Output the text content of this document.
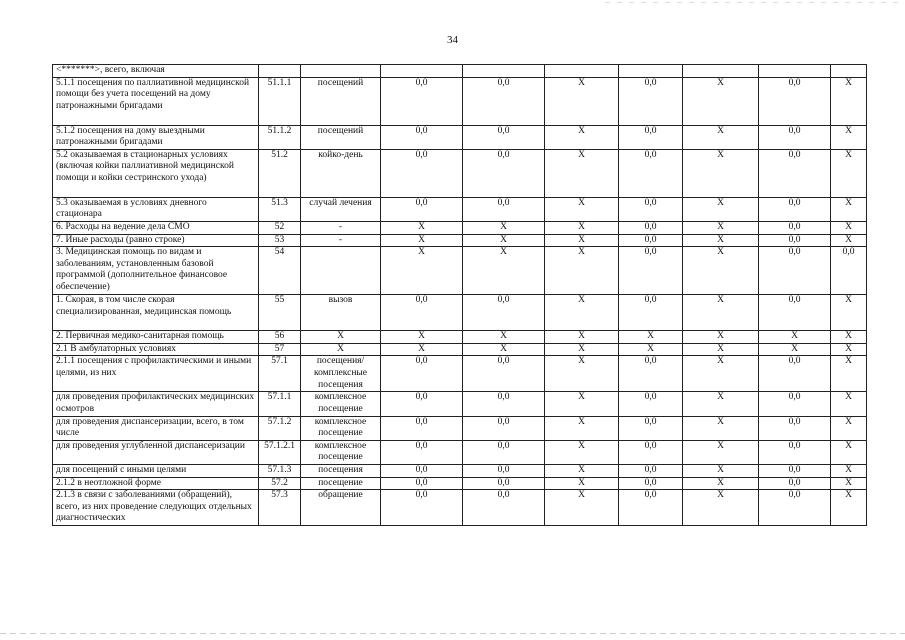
34
<*******>, всего, включая									
5.1.1 посещения по паллиативной медицинской помощи без учета посещений на дому патронажными бригадами	51.1.1	посещений	0,0	0,0	Х	0,0	Х	0,0	Х
5.1.2 посещения на дому выездными патронажными бригадами	51.1.2	посещений	0,0	0,0	Х	0,0	Х	0,0	Х
5.2 оказываемая в стационарных условиях (включая койки паллиативной медицинской помощи и койки сестринского ухода)	51.2	койко-день	0,0	0,0	Х	0,0	Х	0,0	Х
5.3 оказываемая в условиях дневного стационара	51.3	случай лечения	0,0	0,0	Х	0,0	Х	0,0	Х
6. Расходы на ведение дела СМО	52	-	Х	Х	Х	0,0	Х	0,0	Х
7. Иные расходы (равно строке)	53	-	Х	Х	Х	0,0	Х	0,0	Х
3. Медицинская помощь по видам и заболеваниям, установленным базовой программой (дополнительное финансовое обеспечение)	54		Х	Х	Х	0,0	Х	0,0	0,0
1. Скорая, в том числе скорая специализированная, медицинская помощь	55	вызов	0,0	0,0	Х	0,0	Х	0,0	Х
2. Первичная медико-санитарная помощь	56	Х	Х	Х	Х	Х	Х	Х	Х
2.1 В амбулаторных условиях	57	Х	Х	Х	Х	Х	Х	Х	Х
2.1.1 посещения с профилактическими и иными целями, из них	57.1	посещения/комплексные посещения	0,0	0,0	Х	0,0	Х	0,0	Х
для проведения профилактических медицинских осмотров	57.1.1	комплексное посещение	0,0	0,0	Х	0,0	Х	0,0	Х
для проведения диспансеризации, всего, в том числе	57.1.2	комплексное посещение	0,0	0,0	Х	0,0	Х	0,0	Х
для проведения углубленной диспансеризации	57.1.2.1	комплексное посещение	0,0	0,0	Х	0,0	Х	0,0	Х
для посещений с иными целями	57.1.3	посещения	0,0	0,0	Х	0,0	Х	0,0	Х
2.1.2 в неотложной форме	57.2	посещение	0,0	0,0	Х	0,0	Х	0,0	Х
2.1.3 в связи с заболеваниями (обращений), всего, из них проведение следующих отдельных диагностических	57.3	обращение	0,0	0,0	Х	0,0	Х	0,0	Х
